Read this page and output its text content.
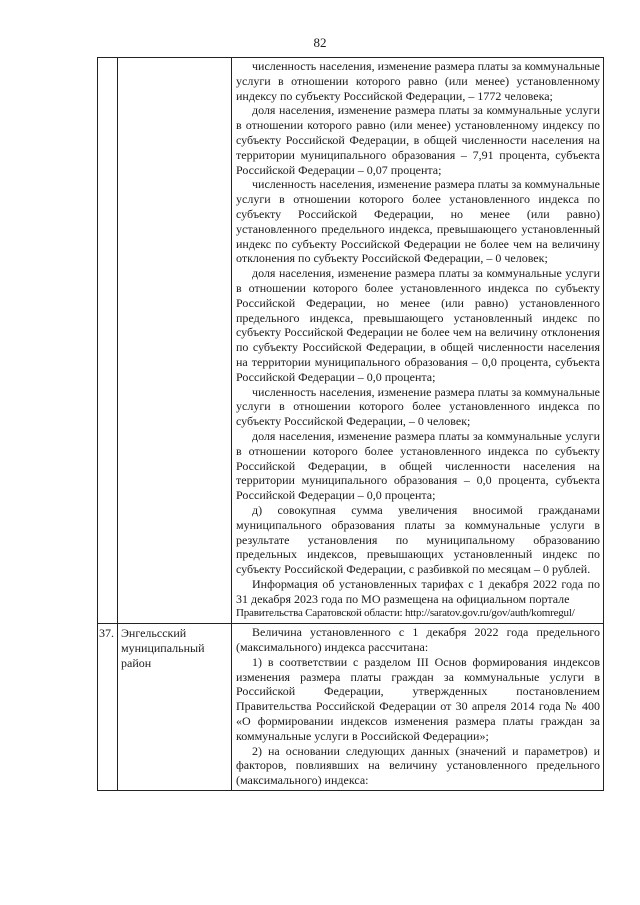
82

численность населения, изменение размера платы за коммунальные услуги в отношении которого равно (или менее) установленному индексу по субъекту Российской Федерации, – 1772 человека;

доля населения, изменение размера платы за коммунальные услуги в отношении которого равно (или менее) установленному индексу по субъекту Российской Федерации, в общей численности населения на территории муниципального образования – 7,91 процента, субъекта Российской Федерации – 0,07 процента;

численность населения, изменение размера платы за коммунальные услуги в отношении которого более установленного индекса по субъекту Российской Федерации, но менее (или равно) установленного предельного индекса, превышающего установленный индекс по субъекту Российской Федерации не более чем на величину отклонения по субъекту Российской Федерации, – 0 человек;

доля населения, изменение размера платы за коммунальные услуги в отношении которого более установленного индекса по субъекту Российской Федерации, но менее (или равно) установленного предельного индекса, превышающего установленный индекс по субъекту Российской Федерации не более чем на величину отклонения по субъекту Российской Федерации, в общей численности населения на территории муниципального образования – 0,0 процента, субъекта Российской Федерации – 0,0 процента;

численность населения, изменение размера платы за коммунальные услуги в отношении которого более установленного индекса по субъекту Российской Федерации, – 0 человек;

доля населения, изменение размера платы за коммунальные услуги в отношении которого более установленного индекса по субъекту Российской Федерации, в общей численности населения на территории муниципального образования – 0,0 процента, субъекта Российской Федерации – 0,0 процента;

д) совокупная сумма увеличения вносимой гражданами муниципального образования платы за коммунальные услуги в результате установления по муниципальному образованию предельных индексов, превышающих установленный индекс по субъекту Российской Федерации, с разбивкой по месяцам – 0 рублей.

Информация об установленных тарифах с 1 декабря 2022 года по 31 декабря 2023 года по МО размещена на официальном портале

Правительства Саратовской области: http://saratov.gov.ru/gov/auth/komregul/

37. Энгельсский муниципальный район

Величина установленного с 1 декабря 2022 года предельного (максимального) индекса рассчитана:

1) в соответствии с разделом III Основ формирования индексов изменения размера платы граждан за коммунальные услуги в Российской Федерации, утвержденных постановлением Правительства Российской Федерации от 30 апреля 2014 года № 400 «О формировании индексов изменения размера платы граждан за коммунальные услуги в Российской Федерации»;

2) на основании следующих данных (значений и параметров) и факторов, повлиявших на величину установленного предельного (максимального) индекса:
